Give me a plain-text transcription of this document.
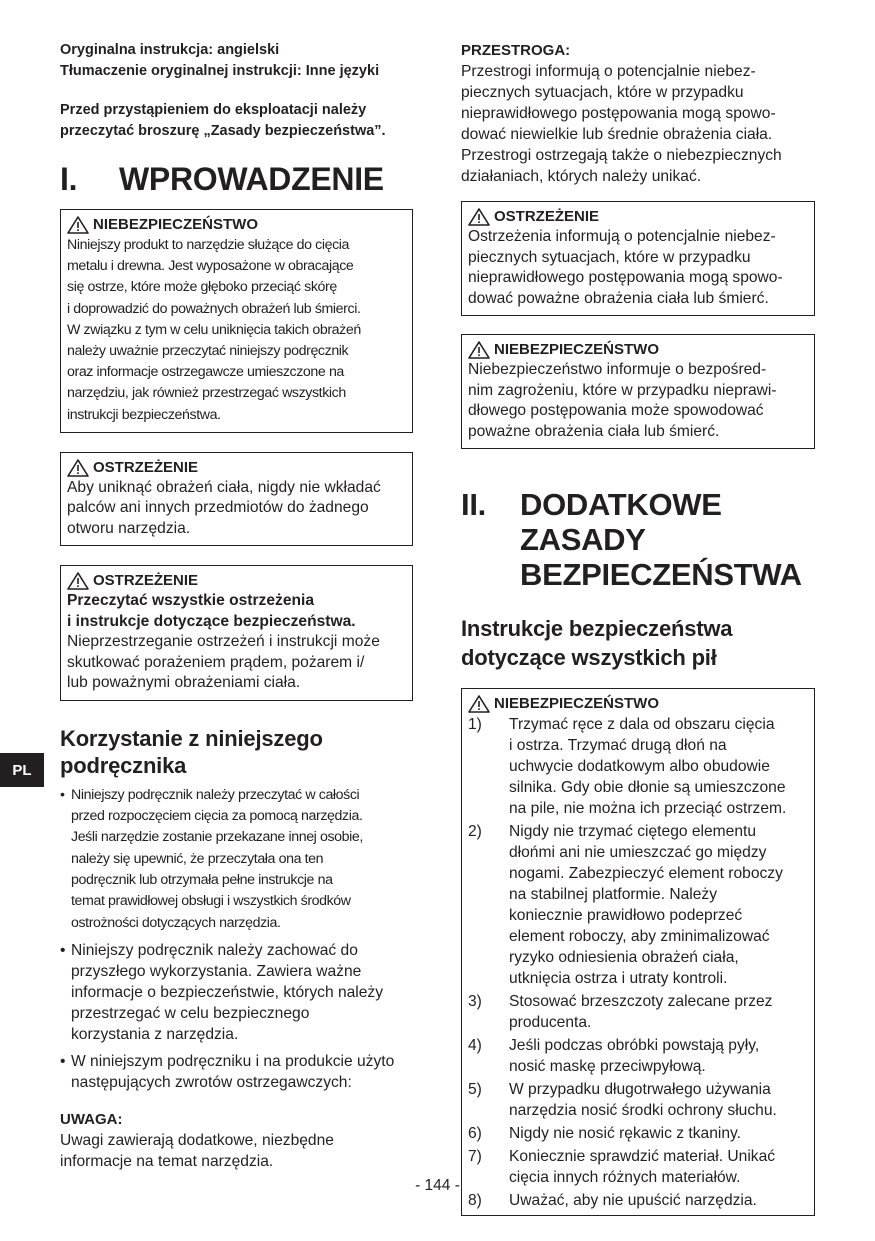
Oryginalna instrukcja: angielski

Tłumaczenie oryginalnej instrukcji: Inne języki

Przed przystąpieniem do eksploatacji należy
przeczytać broszurę „Zasady bezpieczeństwa”.
I.	WPROWADZENIE
NIEBEZPIECZEŃSTWO
Niniejszy produkt to narzędzie służące do cięcia
metalu i drewna. Jest wyposażone w obracające
się ostrze, które może głęboko przeciąć skórę
i doprowadzić do poważnych obrażeń lub śmierci.
W związku z tym w celu uniknięcia takich obrażeń
należy uważnie przeczytać niniejszy podręcznik
oraz informacje ostrzegawcze umieszczone na
narzędziu, jak również przestrzegać wszystkich
instrukcji bezpieczeństwa.
OSTRZEŻENIE
Aby uniknąć obrażeń ciała, nigdy nie wkładać
palców ani innych przedmiotów do żadnego
otworu narzędzia.
OSTRZEŻENIE
Przeczytać wszystkie ostrzeżenia
i instrukcje dotyczące bezpieczeństwa.
Nieprzestrzeganie ostrzeżeń i instrukcji może
skutkować porażeniem prądem, pożarem i/
lub poważnymi obrażeniami ciała.
Korzystanie z niniejszego
podręcznika
• Niniejszy podręcznik należy przeczytać w całości
przed rozpoczęciem cięcia za pomocą narzędzia.
Jeśli narzędzie zostanie przekazane innej osobie,
należy się upewnić, że przeczytała ona ten
podręcznik lub otrzymała pełne instrukcje na
temat prawidłowej obsługi i wszystkich środków
ostrożności dotyczących narzędzia.
• Niniejszy podręcznik należy zachować do
przyszłego wykorzystania. Zawiera ważne
informacje o bezpieczeństwie, których należy
przestrzegać w celu bezpiecznego
korzystania z narzędzia.
• W niniejszym podręczniku i na produkcie użyto
następujących zwrotów ostrzegawczych:
UWAGA:
Uwagi zawierają dodatkowe, niezbędne
informacje na temat narzędzia.
PRZESTROGA:
Przestrogi informują o potencjalnie niebez-
piecznych sytuacjach, które w przypadku
nieprawidłowego postępowania mogą spowo-
dować niewielkie lub średnie obrażenia ciała.
Przestrogi ostrzegają także o niebezpiecznych
działaniach, których należy unikać.
OSTRZEŻENIE
Ostrzeżenia informują o potencjalnie niebez-
piecznych sytuacjach, które w przypadku
nieprawidłowego postępowania mogą spowo-
dować poważne obrażenia ciała lub śmierć.
NIEBEZPIECZEŃSTWO
Niebezpieczeństwo informuje o bezpośred-
nim zagrożeniu, które w przypadku nieprawi-
dłowego postępowania może spowodować
poważne obrażenia ciała lub śmierć.
II.	DODATKOWE ZASADY
BEZPIECZEŃSTWA
Instrukcje bezpieczeństwa
dotyczące wszystkich pił
NIEBEZPIECZEŃSTWO
1)	Trzymać ręce z dala od obszaru cięcia
i ostrza. Trzymać drugą dłoń na
uchwycie dodatkowym albo obudowie
silnika. Gdy obie dłonie są umieszczone
na pile, nie można ich przeciąć ostrzem.
2)	Nigdy nie trzymać ciętego elementu
dłońmi ani nie umieszczać go między
nogami. Zabezpieczyć element roboczy
na stabilnej platformie. Należy
koniecznie prawidłowo podeprzeć
element roboczy, aby zminimalizować
ryzyko odniesienia obrażeń ciała,
utknięcia ostrza i utraty kontroli.
3)	Stosować brzeszczoty zalecane przez
producenta.
4)	Jeśli podczas obróbki powstają pyły,
nosić maskę przeciwpyłową.
5)	W przypadku długotrwałego używania
narzędzia nosić środki ochrony słuchu.
6)	Nigdy nie nosić rękawic z tkaniny.
7)	Koniecznie sprawdzić materiał. Unikać
cięcia innych różnych materiałów.
8)	Uważać, aby nie upuścić narzędzia.
PL
- 144 -
